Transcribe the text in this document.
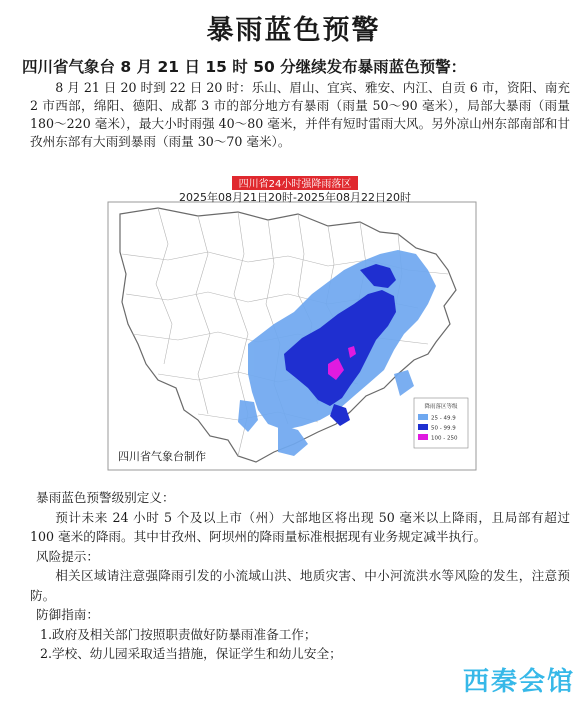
暴雨蓝色预警
四川省气象台 8 月 21 日 15 时 50 分继续发布暴雨蓝色预警：

8 月 21 日 20 时到 22 日 20 时：乐山、眉山、宜宾、雅安、内江、自贡 6 市，资阳、南充 2 市西部，绵阳、德阳、成都 3 市的部分地方有暴雨（雨量 50～90 毫米），局部大暴雨（雨量 180～220 毫米），最大小时雨强 40～80 毫米，并伴有短时雷雨大风。另外凉山州东部南部和甘孜州东部有大雨到暴雨（雨量 30～70 毫米）。

四川省24小时强降雨落区
2025年08月21日20时-2025年08月22日20时
降雨落区等级
25 - 49.9
50 - 99.9
100 - 250
四川省气象台制作

暴雨蓝色预警级别定义：

预计未来 24 小时 5 个及以上市（州）大部地区将出现 50 毫米以上降雨，且局部有超过 100 毫米的降雨。其中甘孜州、阿坝州的降雨量标准根据现有业务规定减半执行。

风险提示：

相关区域请注意强降雨引发的小流域山洪、地质灾害、中小河流洪水等风险的发生，注意预防。

防御指南：

1.政府及相关部门按照职责做好防暴雨准备工作；

2.学校、幼儿园采取适当措施，保证学生和幼儿安全；

西秦会馆
